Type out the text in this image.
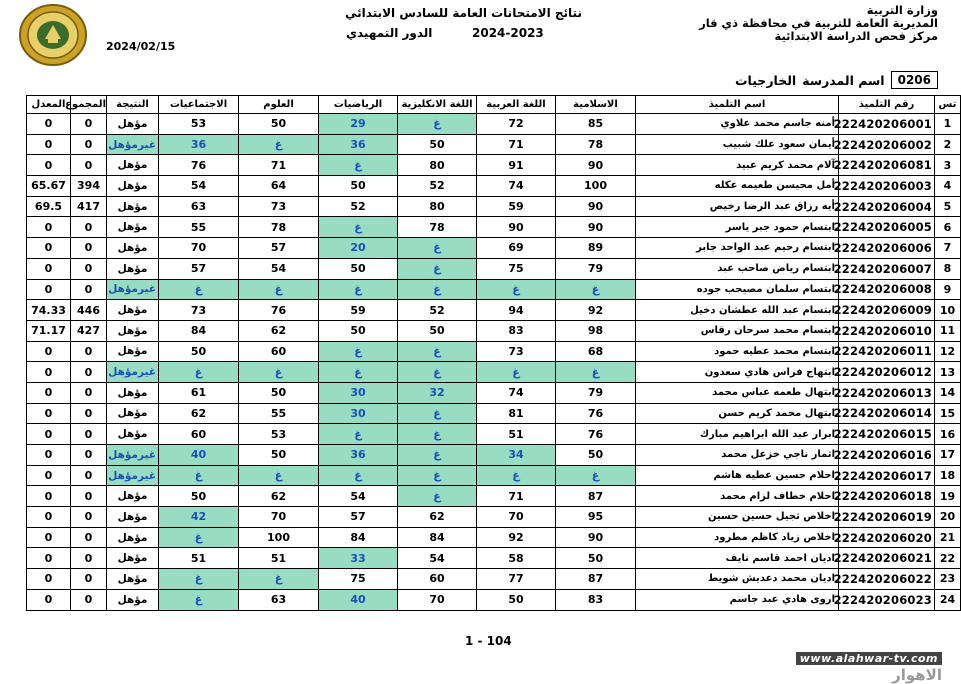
وزارة التربية
المديرية العامة للتربية في محافظة ذي قار
مركز فحص الدراسة الابتدائية
نتائج الامتحانات العامة للسادس الابتدائي
2024-2023
الدور التمهيدي
2024/02/15
0206
اسم المدرسة
الخارجيات
تس	رقم التلميذ	اسم التلميذ	الاسلامية	اللغة العربية	اللغة الانكليزية	الرياضيات	العلوم	الاجتماعيات	النتيجة	المجموع	المعدل
1	222420206001	أمنه جاسم محمد علاوي	85	72	غ	29	50	53	مؤهل	0	0
2	222420206002	أيمان سعود علك شبيب	78	71	50	36	غ	36	غيرمؤهل	0	0
3	222420206081	آلام محمد كريم عبيد	90	91	80	غ	71	76	مؤهل	0	0
4	222420206003	أمل محيسن طعيمه عكله	100	74	52	50	64	54	مؤهل	394	65.67
5	222420206004	أيه رزاق عبد الرضا رخيص	90	59	80	52	73	63	مؤهل	417	69.5
6	222420206005	ابتسام حمود جبر ياسر	90	90	78	غ	78	55	مؤهل	0	0
7	222420206006	ابتسام رحيم عبد الواحد جابر	89	69	غ	20	57	70	مؤهل	0	0
8	222420206007	ابتسام رياض صاحب عبد	79	75	غ	50	54	57	مؤهل	0	0
9	222420206008	ابتسام سلمان مصيحب جوده	غ	غ	غ	غ	غ	غ	غيرمؤهل	0	0
10	222420206009	ابتسام عبد الله عطشان دخيل	92	94	52	59	76	73	مؤهل	446	74.33
11	222420206010	ابتسام محمد سرحان رقاس	98	83	50	50	62	84	مؤهل	427	71.17
12	222420206011	ابتسام محمد عطيه حمود	68	73	غ	غ	60	50	مؤهل	0	0
13	222420206012	ابتهاج فراس هادي سعدون	غ	غ	غ	غ	غ	غ	غيرمؤهل	0	0
14	222420206013	ابتهال طعمه عباس محمد	79	74	32	30	50	61	مؤهل	0	0
15	222420206014	ابتهال محمد كريم حسن	76	81	غ	30	55	62	مؤهل	0	0
16	222420206015	ابرار عبد الله ابراهيم مبارك	76	51	غ	غ	53	60	مؤهل	0	0
17	222420206016	اثمار ناجي خزعل محمد	50	34	غ	36	50	40	غيرمؤهل	0	0
18	222420206017	احلام حسين عطيه هاشم	غ	غ	غ	غ	غ	غ	غيرمؤهل	0	0
19	222420206018	احلام خطاف لزام محمد	87	71	غ	54	62	50	مؤهل	0	0
20	222420206019	اخلاص ثجيل حسين حسين	95	70	62	57	70	42	مؤهل	0	0
21	222420206020	اخلاص زياد كاظم مطرود	90	92	84	84	100	غ	مؤهل	0	0
22	222420206021	اديان احمد قاسم نايف	50	58	54	33	51	51	مؤهل	0	0
23	222420206022	اديان محمد دعديش شويط	87	77	60	75	غ	غ	مؤهل	0	0
24	222420206023	اروى هادي عبد جاسم	83	50	70	40	63	غ	مؤهل	0	0
1 - 104
www.alahwar-tv.com
الاهوار
